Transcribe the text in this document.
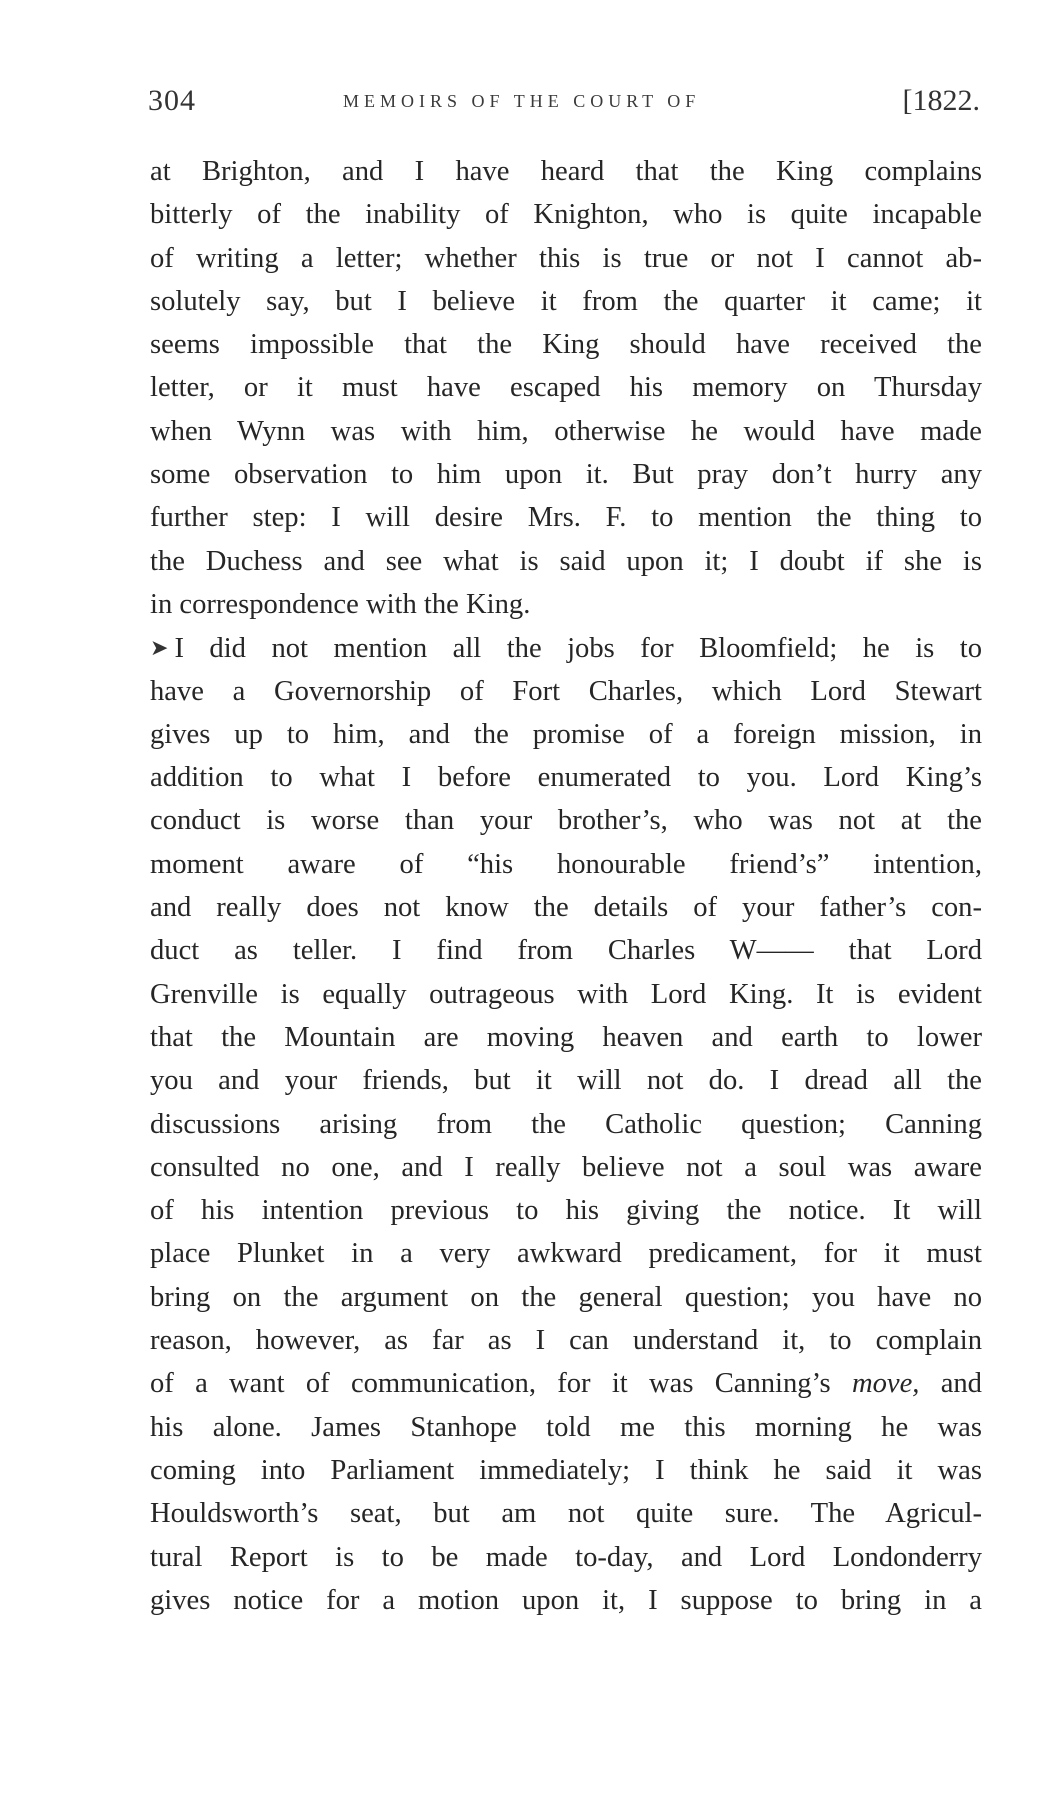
304	MEMOIRS OF THE COURT OF	[1822.
at Brighton, and I have heard that the King complains
bitterly of the inability of Knighton, who is quite incapable
of writing a letter; whether this is true or not I cannot ab-
solutely say, but I believe it from the quarter it came; it
seems impossible that the King should have received the
letter, or it must have escaped his memory on Thursday
when Wynn was with him, otherwise he would have made
some observation to him upon it. But pray don’t hurry any
further step: I will desire Mrs. F. to mention the thing to
the Duchess and see what is said upon it; I doubt if she is
in correspondence with the King.
➤ I did not mention all the jobs for Bloomfield; he is to
have a Governorship of Fort Charles, which Lord Stewart
gives up to him, and the promise of a foreign mission, in
addition to what I before enumerated to you. Lord King’s
conduct is worse than your brother’s, who was not at the
moment aware of “his honourable friend’s” intention,
and really does not know the details of your father’s con-
duct as teller. I find from Charles W—— that Lord
Grenville is equally outrageous with Lord King. It is evident
that the Mountain are moving heaven and earth to lower
you and your friends, but it will not do. I dread all the
discussions arising from the Catholic question; Canning
consulted no one, and I really believe not a soul was aware
of his intention previous to his giving the notice. It will
place Plunket in a very awkward predicament, for it must
bring on the argument on the general question; you have no
reason, however, as far as I can understand it, to complain
of a want of communication, for it was Canning’s move, and
his alone. James Stanhope told me this morning he was
coming into Parliament immediately; I think he said it was
Houldsworth’s seat, but am not quite sure. The Agricul-
tural Report is to be made to-day, and Lord Londonderry
gives notice for a motion upon it, I suppose to bring in a
